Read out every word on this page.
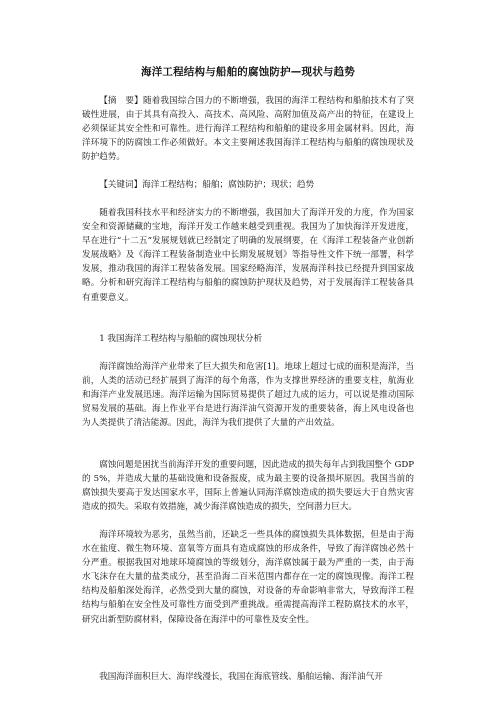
海洋工程结构与船舶的腐蚀防护—现状与趋势

【摘　要】随着我国综合国力的不断增强，我国的海洋工程结构和船舶技术有了突破性进展，由于其具有高投入、高技术、高风险、高附加值及高产出的特征，在建设上必须保证其安全性和可靠性。进行海洋工程结构和船舶的建设多用金属材料。因此，海洋环境下的防腐蚀工作必须做好。本文主要阐述我国海洋工程结构与船舶的腐蚀现状及防护趋势。

【关键词】海洋工程结构；船舶；腐蚀防护；现状；趋势

随着我国科技水平和经济实力的不断增强，我国加大了海洋开发的力度，作为国家安全和资源储藏的宝地，海洋开发工作越来越受到重视。我国为了加快海洋开发进度，早在进行“十二五”发展规划就已经制定了明确的发展纲要，在《海洋工程装备产业创新发展战略》及《海洋工程装备制造业中长期发展规划》等指导性文件下统一部署，科学发展，推动我国的海洋工程装备发展。国家经略海洋，发展海洋科技已经提升到国家战略。分析和研究海洋工程结构与船舶的腐蚀防护现状及趋势，对于发展海洋工程装备具有重要意义。

1 我国海洋工程结构与船舶的腐蚀现状分析

海洋腐蚀给海洋产业带来了巨大损失和危害[1]。地球上超过七成的面积是海洋，当前，人类的活动已经扩展到了海洋的每个角落，作为支撑世界经济的重要支柱，航海业和海洋产业发展迅速。海洋运输为国际贸易提供了超过九成的运力，可以说是推动国际贸易发展的基础。海上作业平台是进行海洋油气资源开发的重要装备，海上风电设备也为人类提供了清洁能源。因此，海洋为我们提供了大量的产出效益。

腐蚀问题是困扰当前海洋开发的重要问题，因此造成的损失每年占到我国整个 GDP 的 5%，并造成大量的基础设施和设备报废，成为最主要的设备损坏原因。我国当前的腐蚀损失要高于发达国家水平，国际上普遍认同海洋腐蚀造成的损失要远大于自然灾害造成的损失。采取有效措施，减少海洋腐蚀造成的损失，空间潜力巨大。

海洋环境较为恶劣，虽然当前，还缺乏一些具体的腐蚀损失具体数据，但是由于海水在盐度、微生物环境、富氧等方面具有造成腐蚀的形成条件，导致了海洋腐蚀必然十分严重。根据我国对地球环境腐蚀的等级划分，海洋腐蚀属于最为严重的一类，由于海水飞沫存在大量的盐类成分，甚至沿海二百米范围内都存在一定的腐蚀现像。海洋工程结构及船舶深处海洋，必然受到大量的腐蚀，对设备的寿命影响非常大，导致海洋工程结构与船舶在安全性及可靠性方面受到严重挑战。亟需提高海洋工程防腐技术的水平，研究出新型防腐材料，保障设备在海洋中的可靠性及安全性。

我国海洋面积巨大、海岸线漫长，我国在海底管线、船舶运输、海洋油气开
